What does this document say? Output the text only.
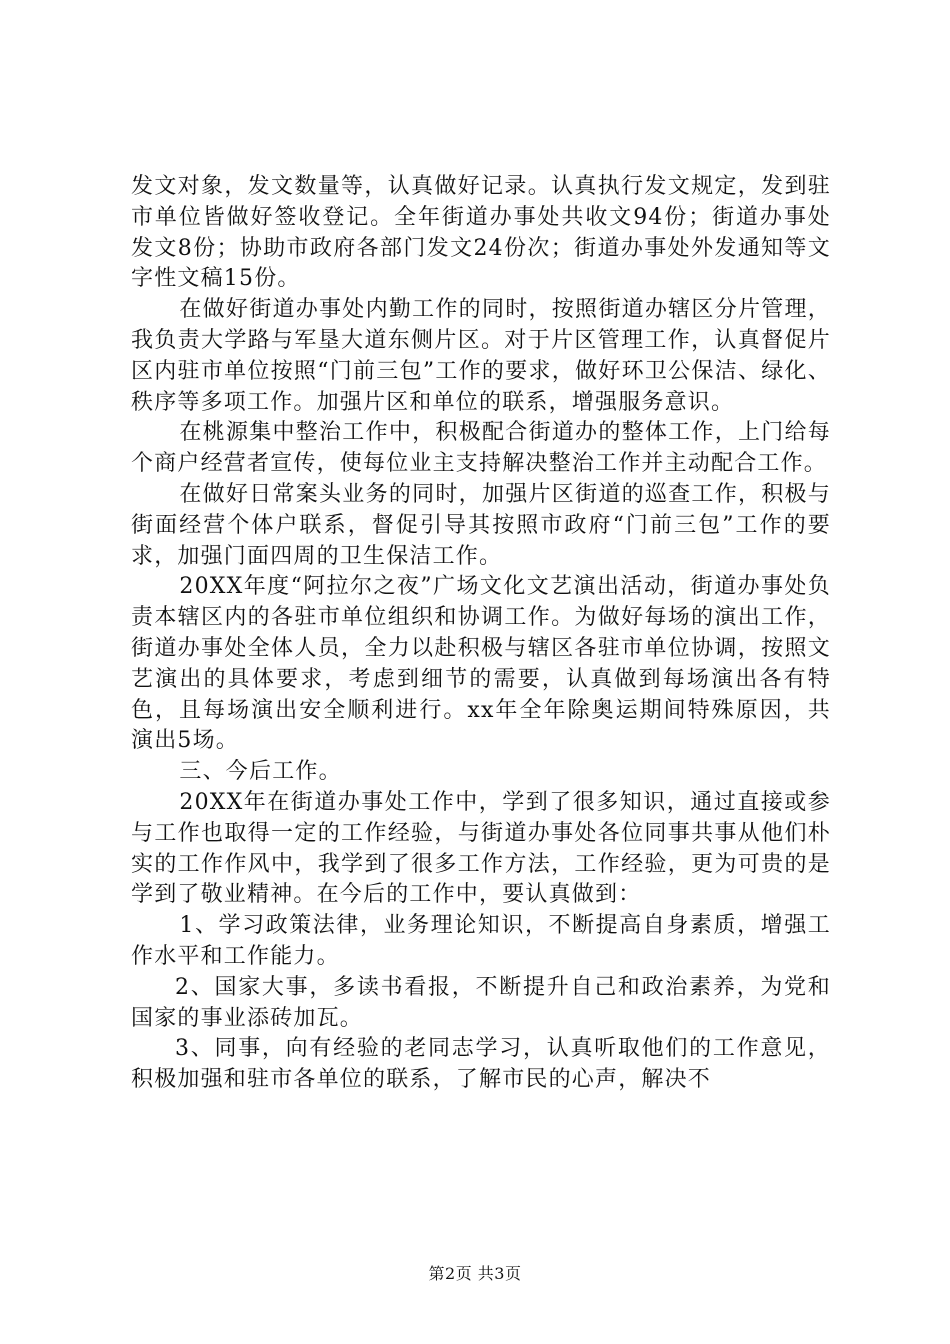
发文对象，发文数量等，认真做好记录。认真执行发文规定，发到驻市单位皆做好签收登记。全年街道办事处共收文94份；街道办事处发文8份；协助市政府各部门发文24份次；街道办事处外发通知等文字性文稿15份。

在做好街道办事处内勤工作的同时，按照街道办辖区分片管理，我负责大学路与军垦大道东侧片区。对于片区管理工作，认真督促片区内驻市单位按照“门前三包”工作的要求，做好环卫公保洁、绿化、秩序等多项工作。加强片区和单位的联系，增强服务意识。

在桃源集中整治工作中，积极配合街道办的整体工作，上门给每个商户经营者宣传，使每位业主支持解决整治工作并主动配合工作。

在做好日常案头业务的同时，加强片区街道的巡查工作，积极与街面经营个体户联系，督促引导其按照市政府“门前三包”工作的要求，加强门面四周的卫生保洁工作。

20XX年度“阿拉尔之夜”广场文化文艺演出活动，街道办事处负责本辖区内的各驻市单位组织和协调工作。为做好每场的演出工作，街道办事处全体人员，全力以赴积极与辖区各驻市单位协调，按照文艺演出的具体要求，考虑到细节的需要，认真做到每场演出各有特色，且每场演出安全顺利进行。xx年全年除奥运期间特殊原因，共演出5场。

三、今后工作。

20XX年在街道办事处工作中，学到了很多知识，通过直接或参与工作也取得一定的工作经验，与街道办事处各位同事共事从他们朴实的工作作风中，我学到了很多工作方法，工作经验，更为可贵的是学到了敬业精神。在今后的工作中，要认真做到：

1、学习政策法律，业务理论知识，不断提高自身素质，增强工作水平和工作能力。

2、国家大事，多读书看报，不断提升自己和政治素养，为党和国家的事业添砖加瓦。

3、同事，向有经验的老同志学习，认真听取他们的工作意见，积极加强和驻市各单位的联系，了解市民的心声，解决不

第2页 共3页
